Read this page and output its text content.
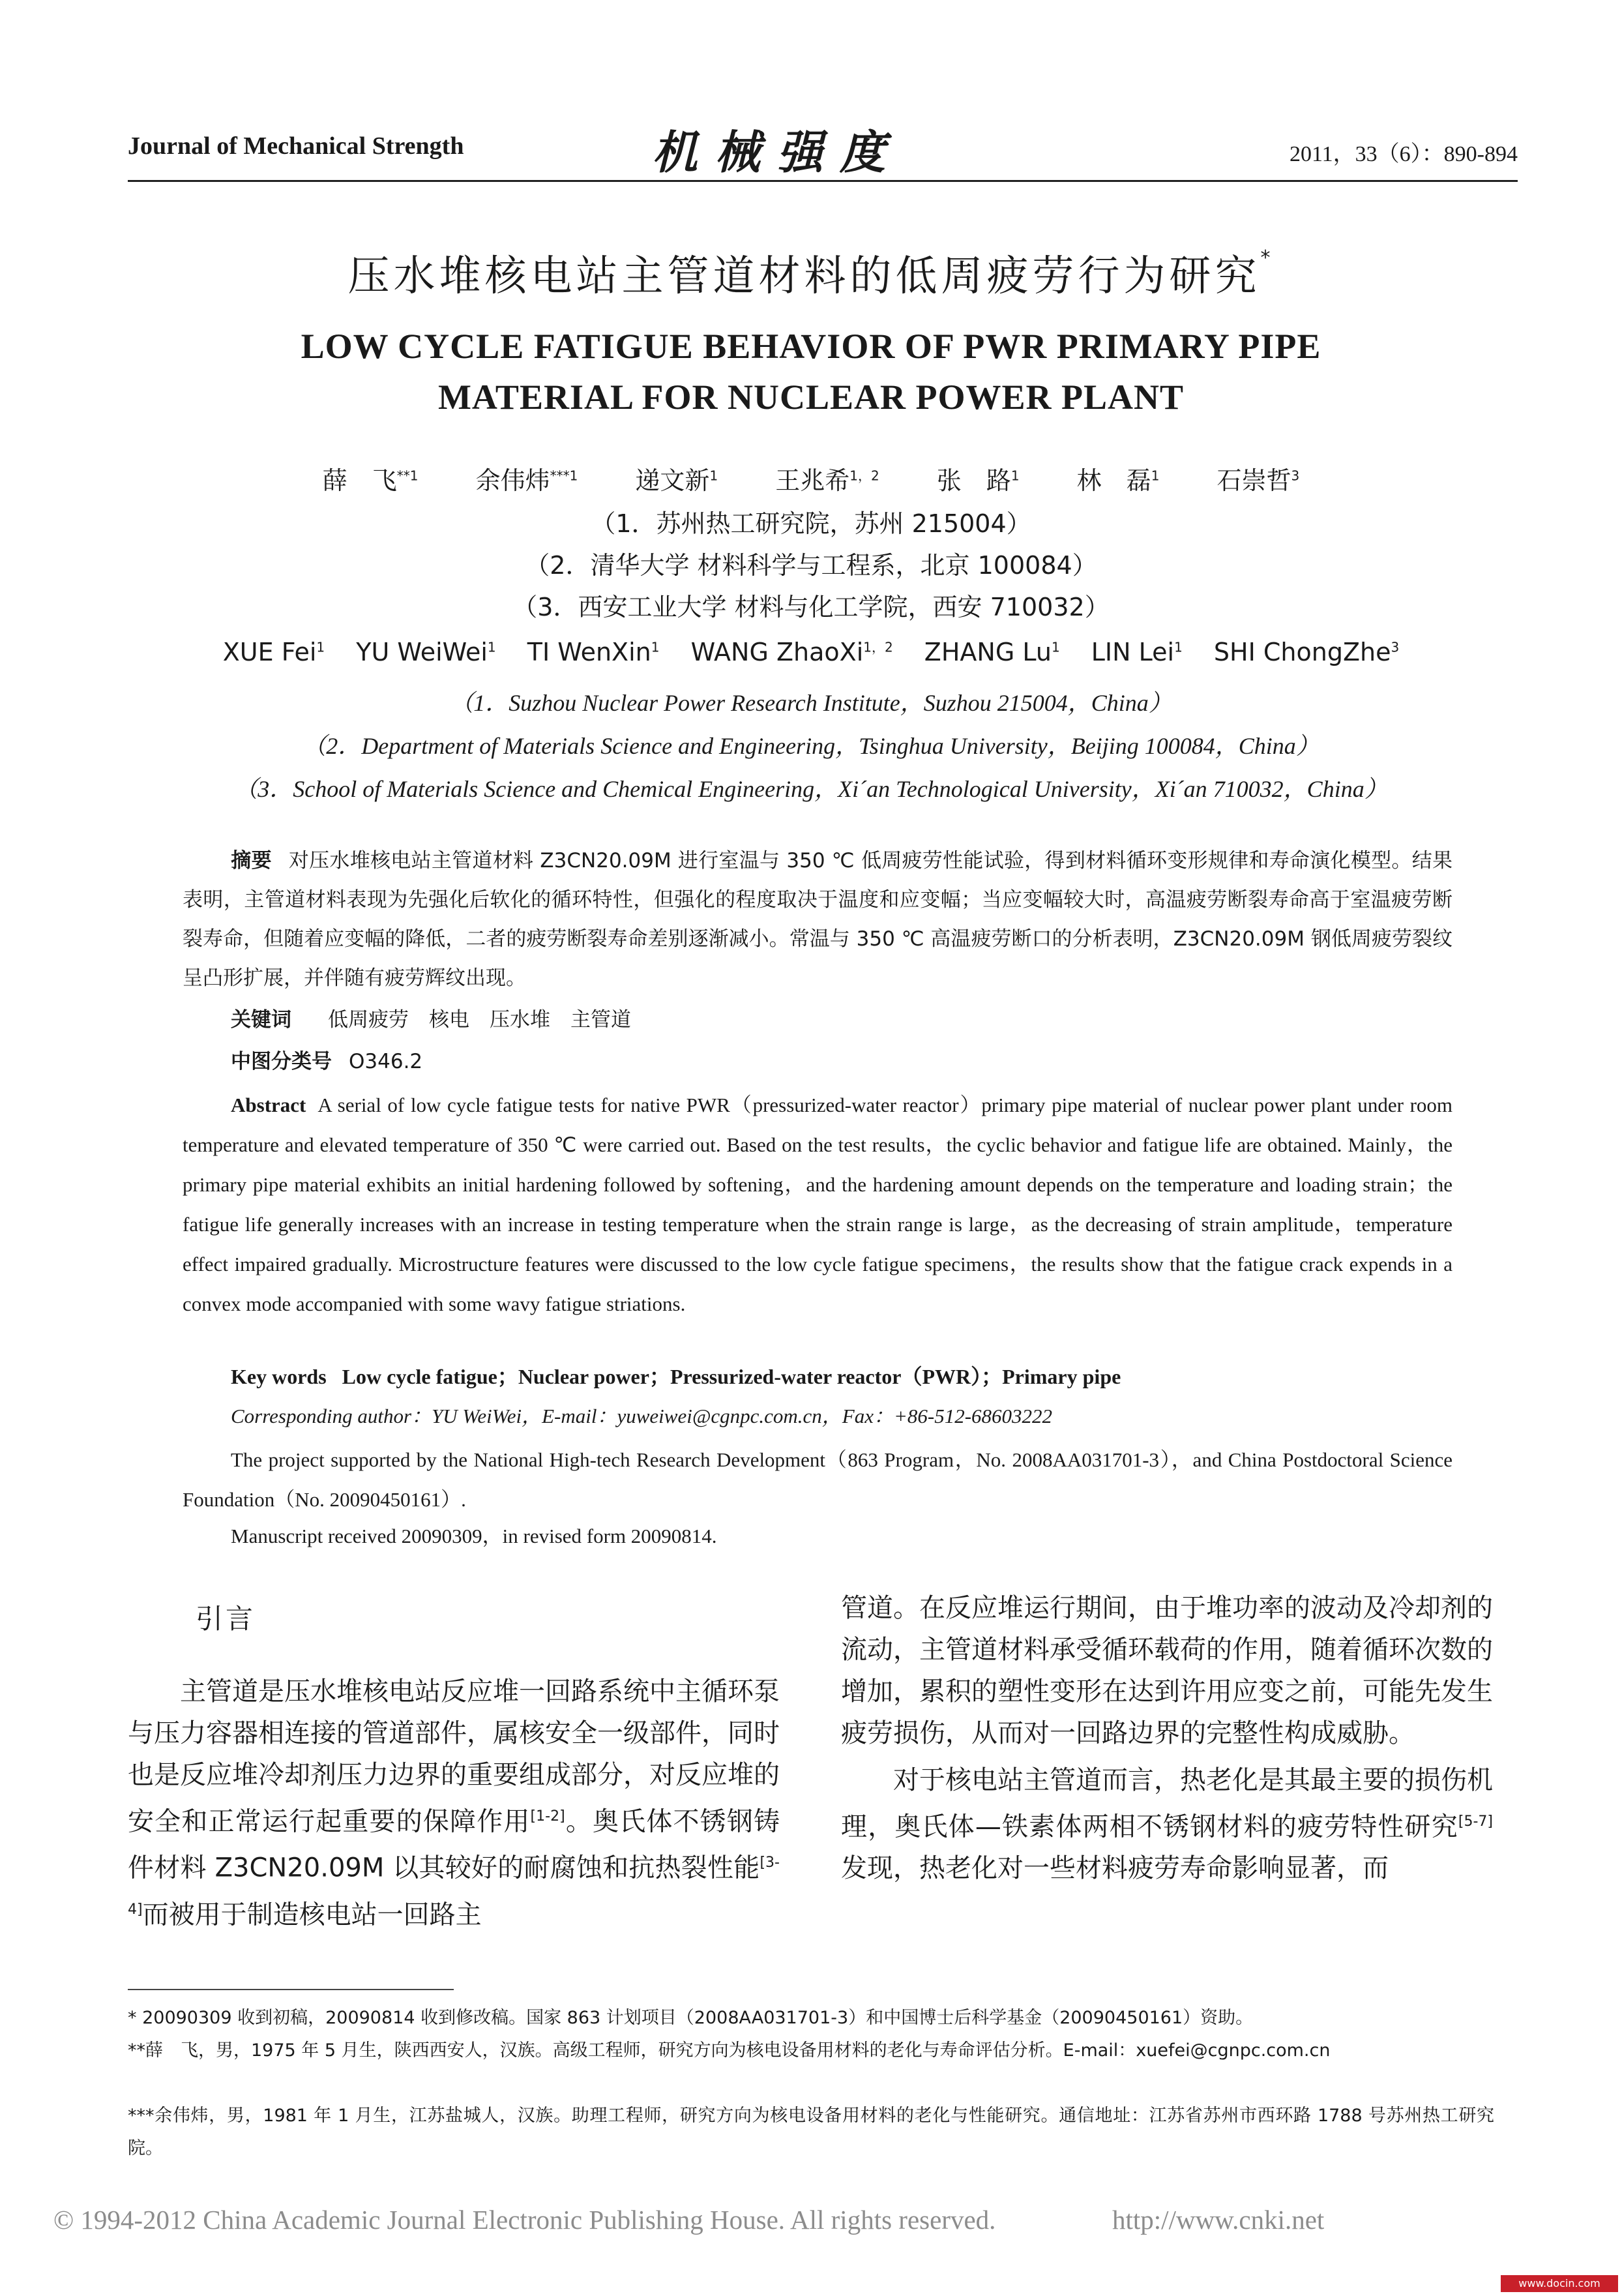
Journal of Mechanical Strength	机械强度	2011，33（6）：890-894
压水堆核电站主管道材料的低周疲劳行为研究*
LOW CYCLE FATIGUE BEHAVIOR OF PWR PRIMARY PIPE
MATERIAL FOR NUCLEAR POWER PLANT
薛　飞$^{**1}$ 余伟炜$^{***1}$ 递文新$^1$ 王兆希$^{1,2}$ 张　路$^1$ 林　磊$^1$ 石崇哲$^3$
（1．苏州热工研究院，苏州 215004）
（2．清华大学 材料科学与工程系，北京 100084）
（3．西安工业大学 材料与化工学院，西安 710032）
XUE Fei$^1$ YU WeiWei$^1$ TI WenXin$^1$ WANG ZhaoXi$^{1,2}$ ZHANG Lu$^1$ LIN Lei$^1$ SHI ChongZhe$^3$
（1．Suzhou Nuclear Power Research Institute，Suzhou 215004，China）
（2．Department of Materials Science and Engineering，Tsinghua University，Beijing 100084，China）
（3．School of Materials Science and Chemical Engineering，Xi´an Technological University，Xi´an 710032，China）
摘要 对压水堆核电站主管道材料 Z3CN20.09M 进行室温与 350 ℃ 低周疲劳性能试验，得到材料循环变形规律和寿命演化模型。结果表明，主管道材料表现为先强化后软化的循环特性，但强化的程度取决于温度和应变幅；当应变幅较大时，高温疲劳断裂寿命高于室温疲劳断裂寿命，但随着应变幅的降低，二者的疲劳断裂寿命差别逐渐减小。常温与 350 ℃ 高温疲劳断口的分析表明，Z3CN20.09M 钢低周疲劳裂纹呈凸形扩展，并伴随有疲劳辉纹出现。
关键词 低周疲劳　核电　压水堆　主管道
中图分类号 O346.2
Abstract A serial of low cycle fatigue tests for native PWR（pressurized-water reactor）primary pipe material of nuclear power plant under room temperature and elevated temperature of 350 ℃ were carried out. Based on the test results，the cyclic behavior and fatigue life are obtained. Mainly，the primary pipe material exhibits an initial hardening followed by softening，and the hardening amount depends on the temperature and loading strain；the fatigue life generally increases with an increase in testing temperature when the strain range is large，as the decreasing of strain amplitude，temperature effect impaired gradually. Microstructure features were discussed to the low cycle fatigue specimens，the results show that the fatigue crack expends in a convex mode accompanied with some wavy fatigue striations.
Key words Low cycle fatigue；Nuclear power；Pressurized-water reactor（PWR）；Primary pipe
Corresponding author：YU WeiWei，E-mail：yuweiwei@cgnpc.com.cn，Fax：+86-512-68603222
The project supported by the National High-tech Research Development（863 Program，No. 2008AA031701-3），and China Postdoctoral Science Foundation（No. 20090450161）.
Manuscript received 20090309，in revised form 20090814.
引言
主管道是压水堆核电站反应堆一回路系统中主循环泵与压力容器相连接的管道部件，属核安全一级部件，同时也是反应堆冷却剂压力边界的重要组成部分，对反应堆的安全和正常运行起重要的保障作用[1-2]。奥氏体不锈钢铸件材料 Z3CN20.09M 以其较好的耐腐蚀和抗热裂性能[3-4]而被用于制造核电站一回路主
管道。在反应堆运行期间，由于堆功率的波动及冷却剂的流动，主管道材料承受循环载荷的作用，随着循环次数的增加，累积的塑性变形在达到许用应变之前，可能先发生疲劳损伤，从而对一回路边界的完整性构成威胁。
对于核电站主管道而言，热老化是其最主要的损伤机理，奥氏体—铁素体两相不锈钢材料的疲劳特性研究[5-7]发现，热老化对一些材料疲劳寿命影响显著，而
* 20090309 收到初稿，20090814 收到修改稿。国家 863 计划项目（2008AA031701-3）和中国博士后科学基金（20090450161）资助。
**薛　飞，男，1975 年 5 月生，陕西西安人，汉族。高级工程师，研究方向为核电设备用材料的老化与寿命评估分析。E-mail：xuefei@cgnpc.com.cn
***余伟炜，男，1981 年 1 月生，江苏盐城人，汉族。助理工程师，研究方向为核电设备用材料的老化与性能研究。通信地址：江苏省苏州市西环路 1788 号苏州热工研究院。
© 1994-2012 China Academic Journal Electronic Publishing House. All rights reserved.	http://www.cnki.net
www.docin.com
